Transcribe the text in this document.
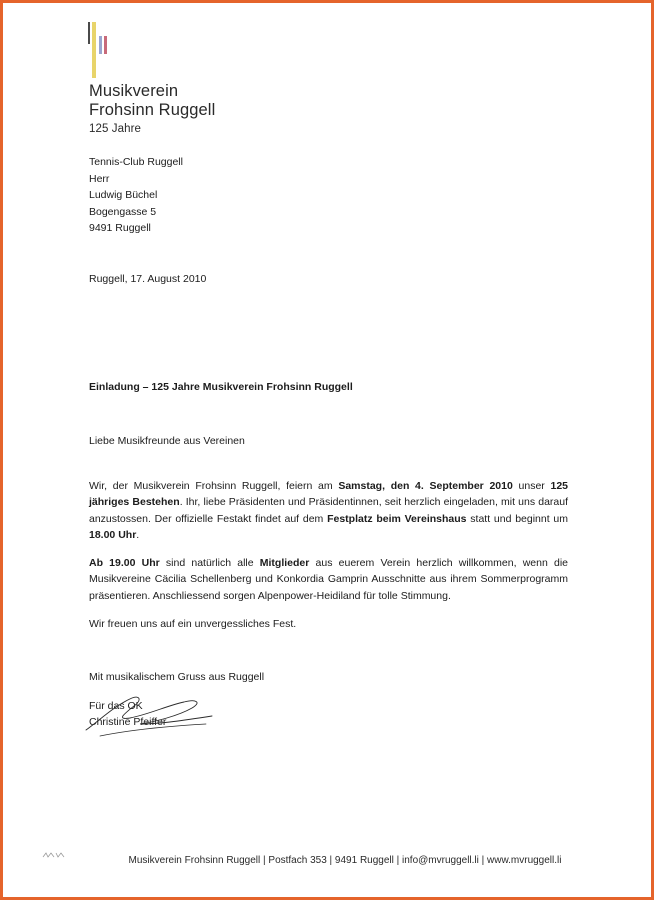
Musikverein
Frohsinn Ruggell
125 Jahre
Tennis-Club Ruggell
Herr
Ludwig Büchel
Bogengasse 5
9491 Ruggell
Ruggell, 17. August 2010
Einladung – 125 Jahre Musikverein Frohsinn Ruggell
Liebe Musikfreunde aus Vereinen
Wir, der Musikverein Frohsinn Ruggell, feiern am Samstag, den 4. September 2010 unser 125 jähriges Bestehen. Ihr, liebe Präsidenten und Präsidentinnen, seit herzlich eingeladen, mit uns darauf anzustossen. Der offizielle Festakt findet auf dem Festplatz beim Vereinshaus statt und beginnt um 18.00 Uhr.
Ab 19.00 Uhr sind natürlich alle Mitglieder aus euerem Verein herzlich willkommen, wenn die Musikvereine Cäcilia Schellenberg und Konkordia Gamprin Ausschnitte aus ihrem Sommerprogramm präsentieren. Anschliessend sorgen Alpenpower-Heidiland für tolle Stimmung.
Wir freuen uns auf ein unvergessliches Fest.
Mit musikalischem Gruss aus Ruggell
Für das OK
Christine Pfeiffer
Musikverein Frohsinn Ruggell | Postfach 353 | 9491 Ruggell | info@mvruggell.li | www.mvruggell.li
